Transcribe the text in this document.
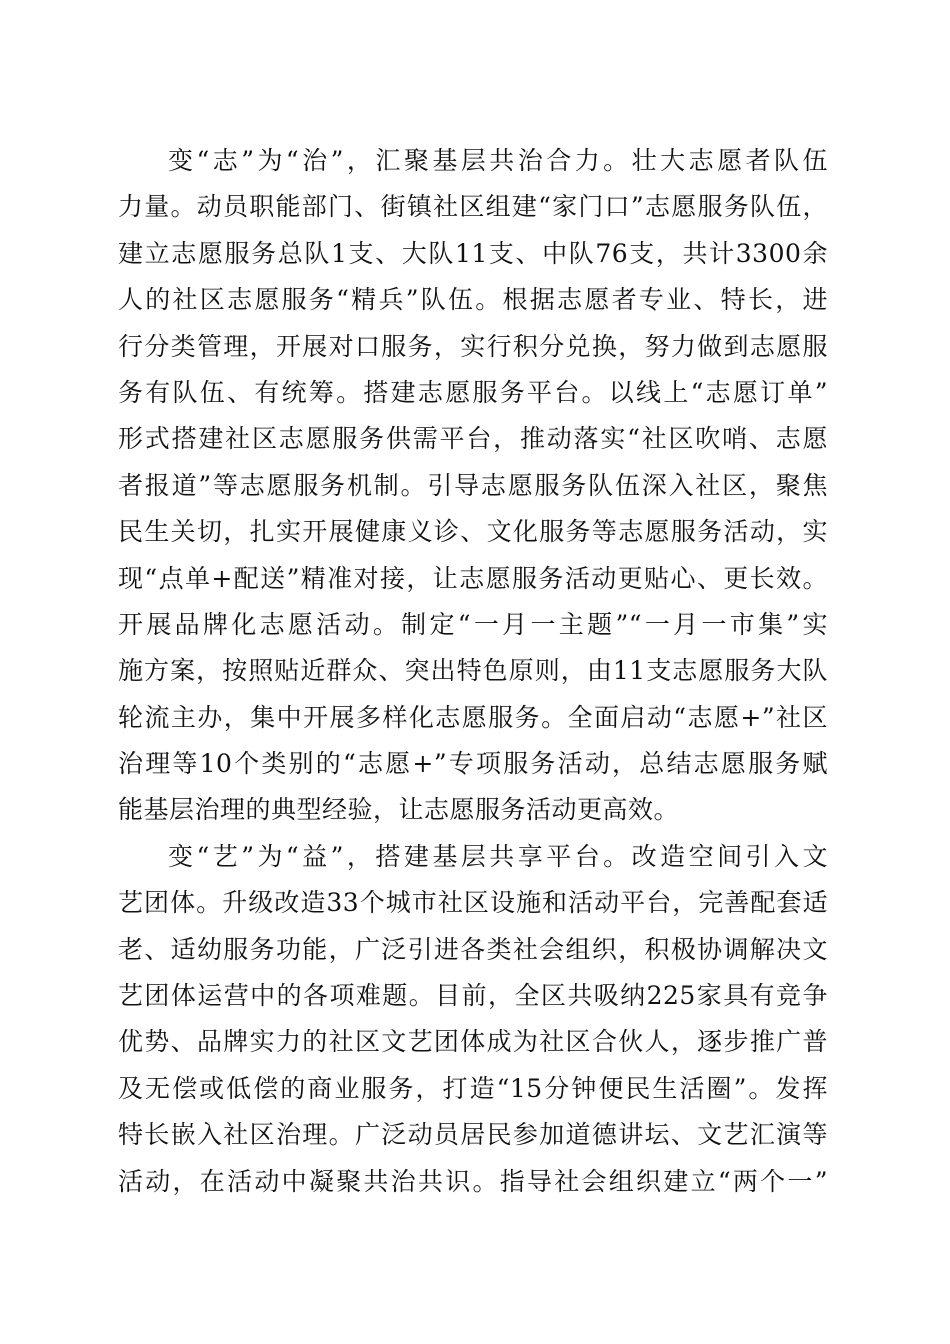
变“志”为“治”，汇聚基层共治合力。壮大志愿者队伍
力量。动员职能部门、街镇社区组建“家门口”志愿服务队伍，
建立志愿服务总队1支、大队11支、中队76支，共计3300余
人的社区志愿服务“精兵”队伍。根据志愿者专业、特长，进
行分类管理，开展对口服务，实行积分兑换，努力做到志愿服
务有队伍、有统筹。搭建志愿服务平台。以线上“志愿订单”
形式搭建社区志愿服务供需平台，推动落实“社区吹哨、志愿
者报道”等志愿服务机制。引导志愿服务队伍深入社区，聚焦
民生关切，扎实开展健康义诊、文化服务等志愿服务活动，实
现“点单+配送”精准对接，让志愿服务活动更贴心、更长效。
开展品牌化志愿活动。制定“一月一主题”“一月一市集”实
施方案，按照贴近群众、突出特色原则，由11支志愿服务大队
轮流主办，集中开展多样化志愿服务。全面启动“志愿+”社区
治理等10个类别的“志愿+”专项服务活动，总结志愿服务赋
能基层治理的典型经验，让志愿服务活动更高效。
变“艺”为“益”，搭建基层共享平台。改造空间引入文
艺团体。升级改造33个城市社区设施和活动平台，完善配套适
老、适幼服务功能，广泛引进各类社会组织，积极协调解决文
艺团体运营中的各项难题。目前，全区共吸纳225家具有竞争
优势、品牌实力的社区文艺团体成为社区合伙人，逐步推广普
及无偿或低偿的商业服务，打造“15分钟便民生活圈”。发挥
特长嵌入社区治理。广泛动员居民参加道德讲坛、文艺汇演等
活动，在活动中凝聚共治共识。指导社会组织建立“两个一”
